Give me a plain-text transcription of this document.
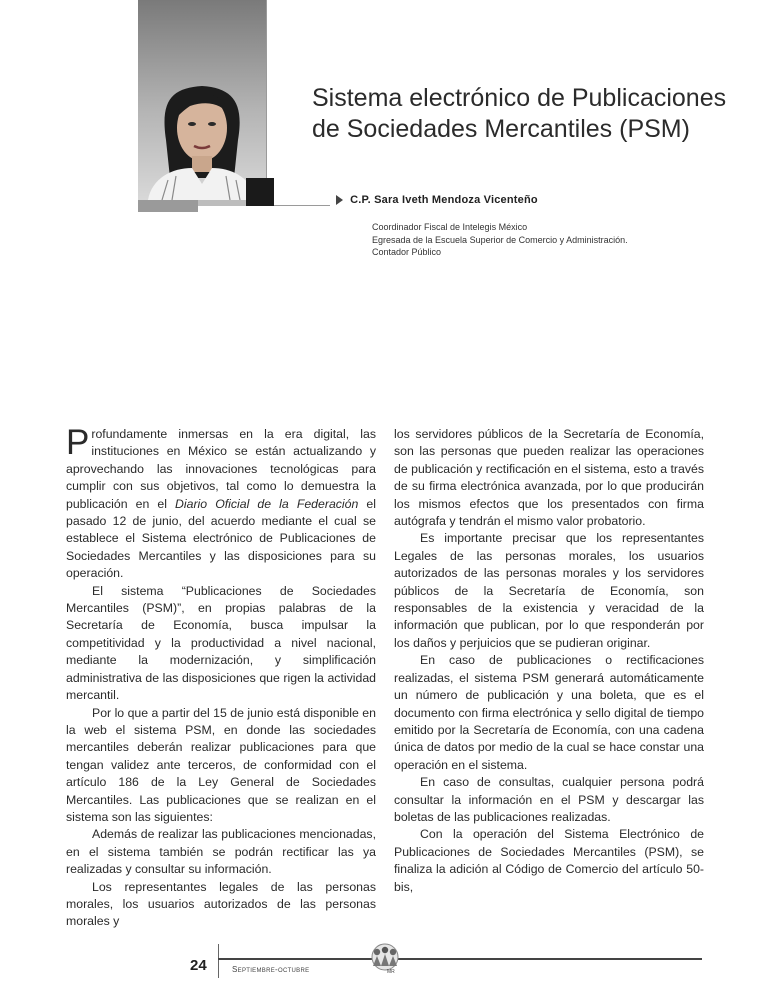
Sistema electrónico de Publicaciones de Sociedades Mercantiles (PSM)
C.P. Sara Iveth Mendoza Vicenteño
Coordinador Fiscal de Intelegis México
Egresada de la Escuela Superior de Comercio y Administración.
Contador Público

Profundamente inmersas en la era digital, las instituciones en México se están actualizando y aprovechando las innovaciones tecnológicas para cumplir con sus objetivos, tal como lo demuestra la publicación en el Diario Oficial de la Federación el pasado 12 de junio, del acuerdo mediante el cual se establece el Sistema electrónico de Publicaciones de Sociedades Mercantiles y las disposiciones para su operación.

El sistema “Publicaciones de Sociedades Mercantiles (PSM)”, en propias palabras de la Secretaría de Economía, busca impulsar la competitividad y la productividad a nivel nacional, mediante la modernización, y simplificación administrativa de las disposiciones que rigen la actividad mercantil.

Por lo que a partir del 15 de junio está disponible en la web el sistema PSM, en donde las sociedades mercantiles deberán realizar publicaciones para que tengan validez ante terceros, de conformidad con el artículo 186 de la Ley General de Sociedades Mercantiles. Las publicaciones que se realizan en el sistema son las siguientes:

Además de realizar las publicaciones mencionadas, en el sistema también se podrán rectificar las ya realizadas y consultar su información.

Los representantes legales de las personas morales, los usuarios autorizados de las personas morales y

los servidores públicos de la Secretaría de Economía, son las personas que pueden realizar las operaciones de publicación y rectificación en el sistema, esto a través de su firma electrónica avanzada, por lo que producirán los mismos efectos que los presentados con firma autógrafa y tendrán el mismo valor probatorio.

Es importante precisar que los representantes Legales de las personas morales, los usuarios autorizados de las personas morales y los servidores públicos de la Secretaría de Economía, son responsables de la existencia y veracidad de la información que publican, por lo que responderán por los daños y perjuicios que se pudieran originar.

En caso de publicaciones o rectificaciones realizadas, el sistema PSM generará automáticamente un número de publicación y una boleta, que es el documento con firma electrónica y sello digital de tiempo emitido por la Secretaría de Economía, con una cadena única de datos por medio de la cual se hace constar una operación en el sistema.

En caso de consultas, cualquier persona podrá consultar la información en el PSM y descargar las boletas de las publicaciones realizadas.

Con la operación del Sistema Electrónico de Publicaciones de Sociedades Mercantiles (PSM), se finaliza la adición al Código de Comercio del artículo 50-bis,

24	Septiembre-octubre	MR
